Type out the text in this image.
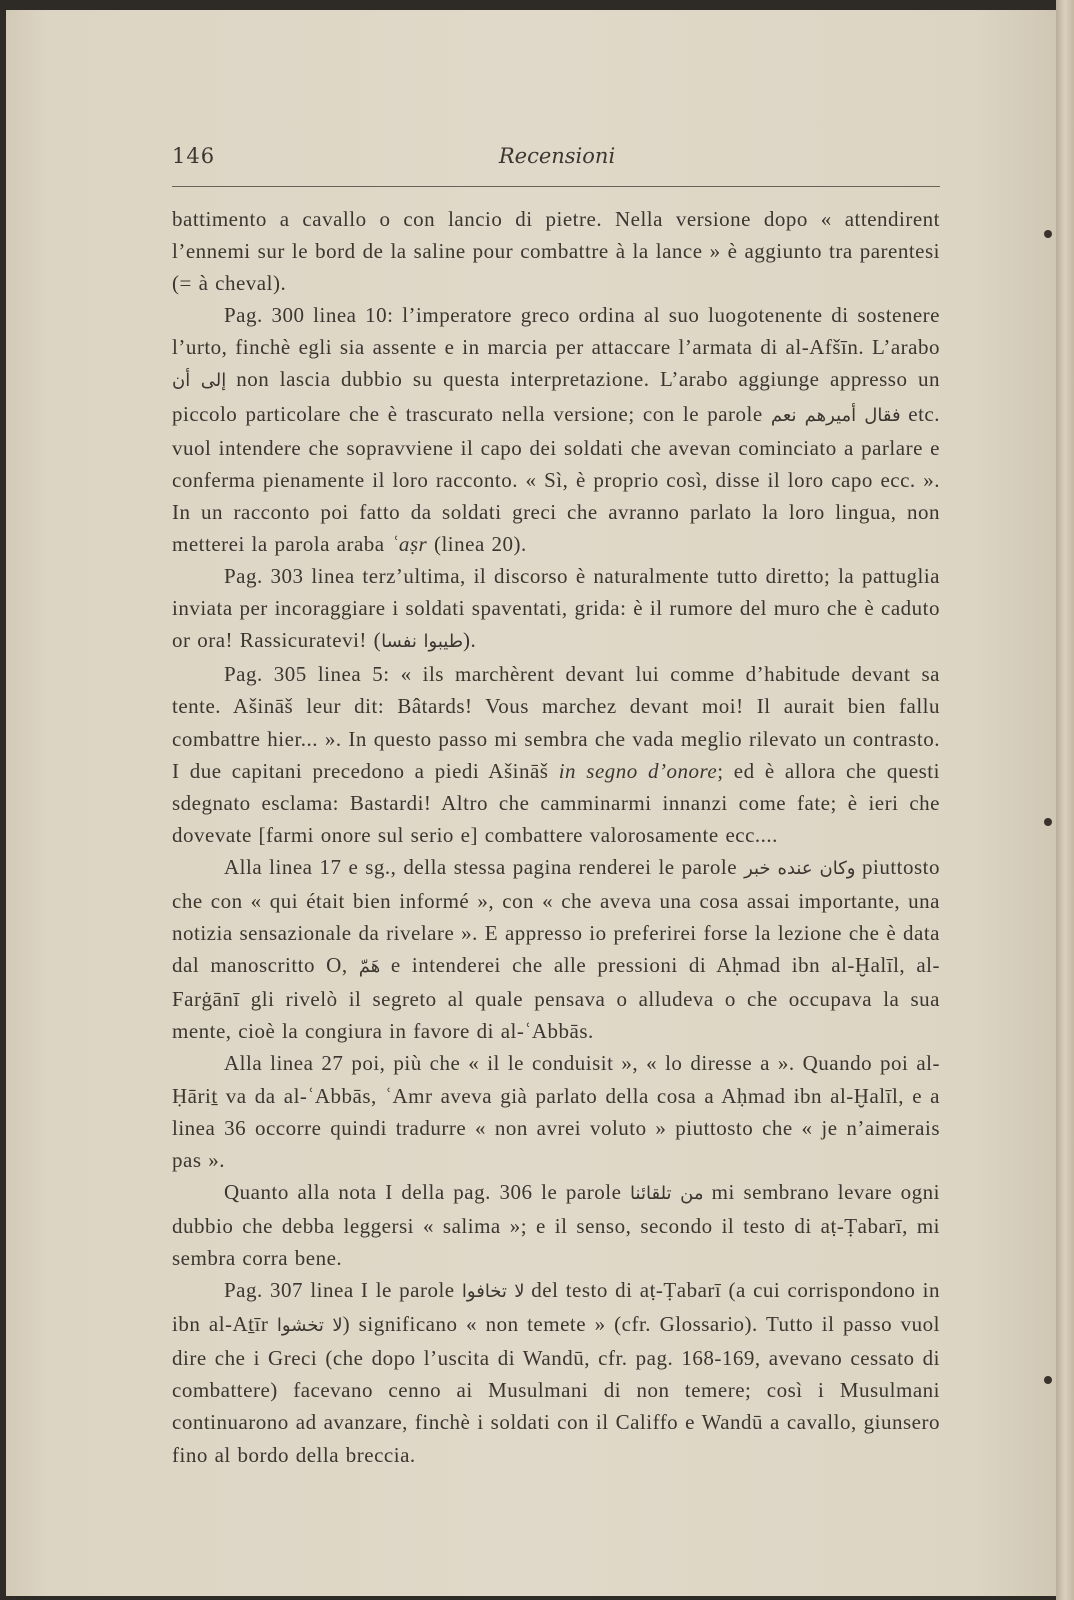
146	Recensioni

battimento a cavallo o con lancio di pietre. Nella versione dopo « attendirent l’ennemi sur le bord de la saline pour combattre à la lance » è aggiunto tra parentesi (= à cheval).

Pag. 300 linea 10: l’imperatore greco ordina al suo luogotenente di sostenere l’urto, finchè egli sia assente e in marcia per attaccare l’armata di al-Afšīn. L’arabo إلى أن non lascia dubbio su questa interpretazione. L’arabo aggiunge appresso un piccolo particolare che è trascurato nella versione; con le parole فقال أميرهم نعم etc. vuol intendere che sopravviene il capo dei soldati che avevan cominciato a parlare e conferma pienamente il loro racconto. « Sì, è proprio così, disse il loro capo ecc. ». In un racconto poi fatto da soldati greci che avranno parlato la loro lingua, non metterei la parola araba ʿaṣr (linea 20).

Pag. 303 linea terz’ultima, il discorso è naturalmente tutto diretto; la pattuglia inviata per incoraggiare i soldati spaventati, grida: è il rumore del muro che è caduto or ora! Rassicuratevi! (طيبوا نفسا).

Pag. 305 linea 5: « ils marchèrent devant lui comme d’habitude devant sa tente. Ašināš leur dit: Bâtards! Vous marchez devant moi! Il aurait bien fallu combattre hier... ». In questo passo mi sembra che vada meglio rilevato un contrasto. I due capitani precedono a piedi Ašināš in segno d’onore; ed è allora che questi sdegnato esclama: Bastardi! Altro che camminarmi innanzi come fate; è ieri che dovevate [farmi onore sul serio e] combattere valorosamente ecc....

Alla linea 17 e sg., della stessa pagina renderei le parole وكان عنده خبر piuttosto che con « qui était bien informé », con « che aveva una cosa assai importante, una notizia sensazionale da rivelare ». E appresso io preferirei forse la lezione che è data dal manoscritto O, هَمّ e intenderei che alle pressioni di Aḥmad ibn al-Ḫalīl, al-Farġānī gli rivelò il segreto al quale pensava o alludeva o che occupava la sua mente, cioè la congiura in favore di al-ʿAbbās.

Alla linea 27 poi, più che « il le conduisit », « lo diresse a ». Quando poi al-Ḥāriṯ va da al-ʿAbbās, ʿAmr aveva già parlato della cosa a Aḥmad ibn al-Ḫalīl, e a linea 36 occorre quindi tradurre « non avrei voluto » piuttosto che « je n’aimerais pas ».

Quanto alla nota I della pag. 306 le parole من تلقائنا mi sembrano levare ogni dubbio che debba leggersi « salima »; e il senso, secondo il testo di aṭ-Ṭabarī, mi sembra corra bene.

Pag. 307 linea I le parole لا تخافوا del testo di aṭ-Ṭabarī (a cui corrispondono in ibn al-Aṯīr لا تخشوا) significano « non temete » (cfr. Glossario). Tutto il passo vuol dire che i Greci (che dopo l’uscita di Wandū, cfr. pag. 168-169, avevano cessato di combattere) facevano cenno ai Musulmani di non temere; così i Musulmani continuarono ad avanzare, finchè i soldati con il Califfo e Wandū a cavallo, giunsero fino al bordo della breccia.
